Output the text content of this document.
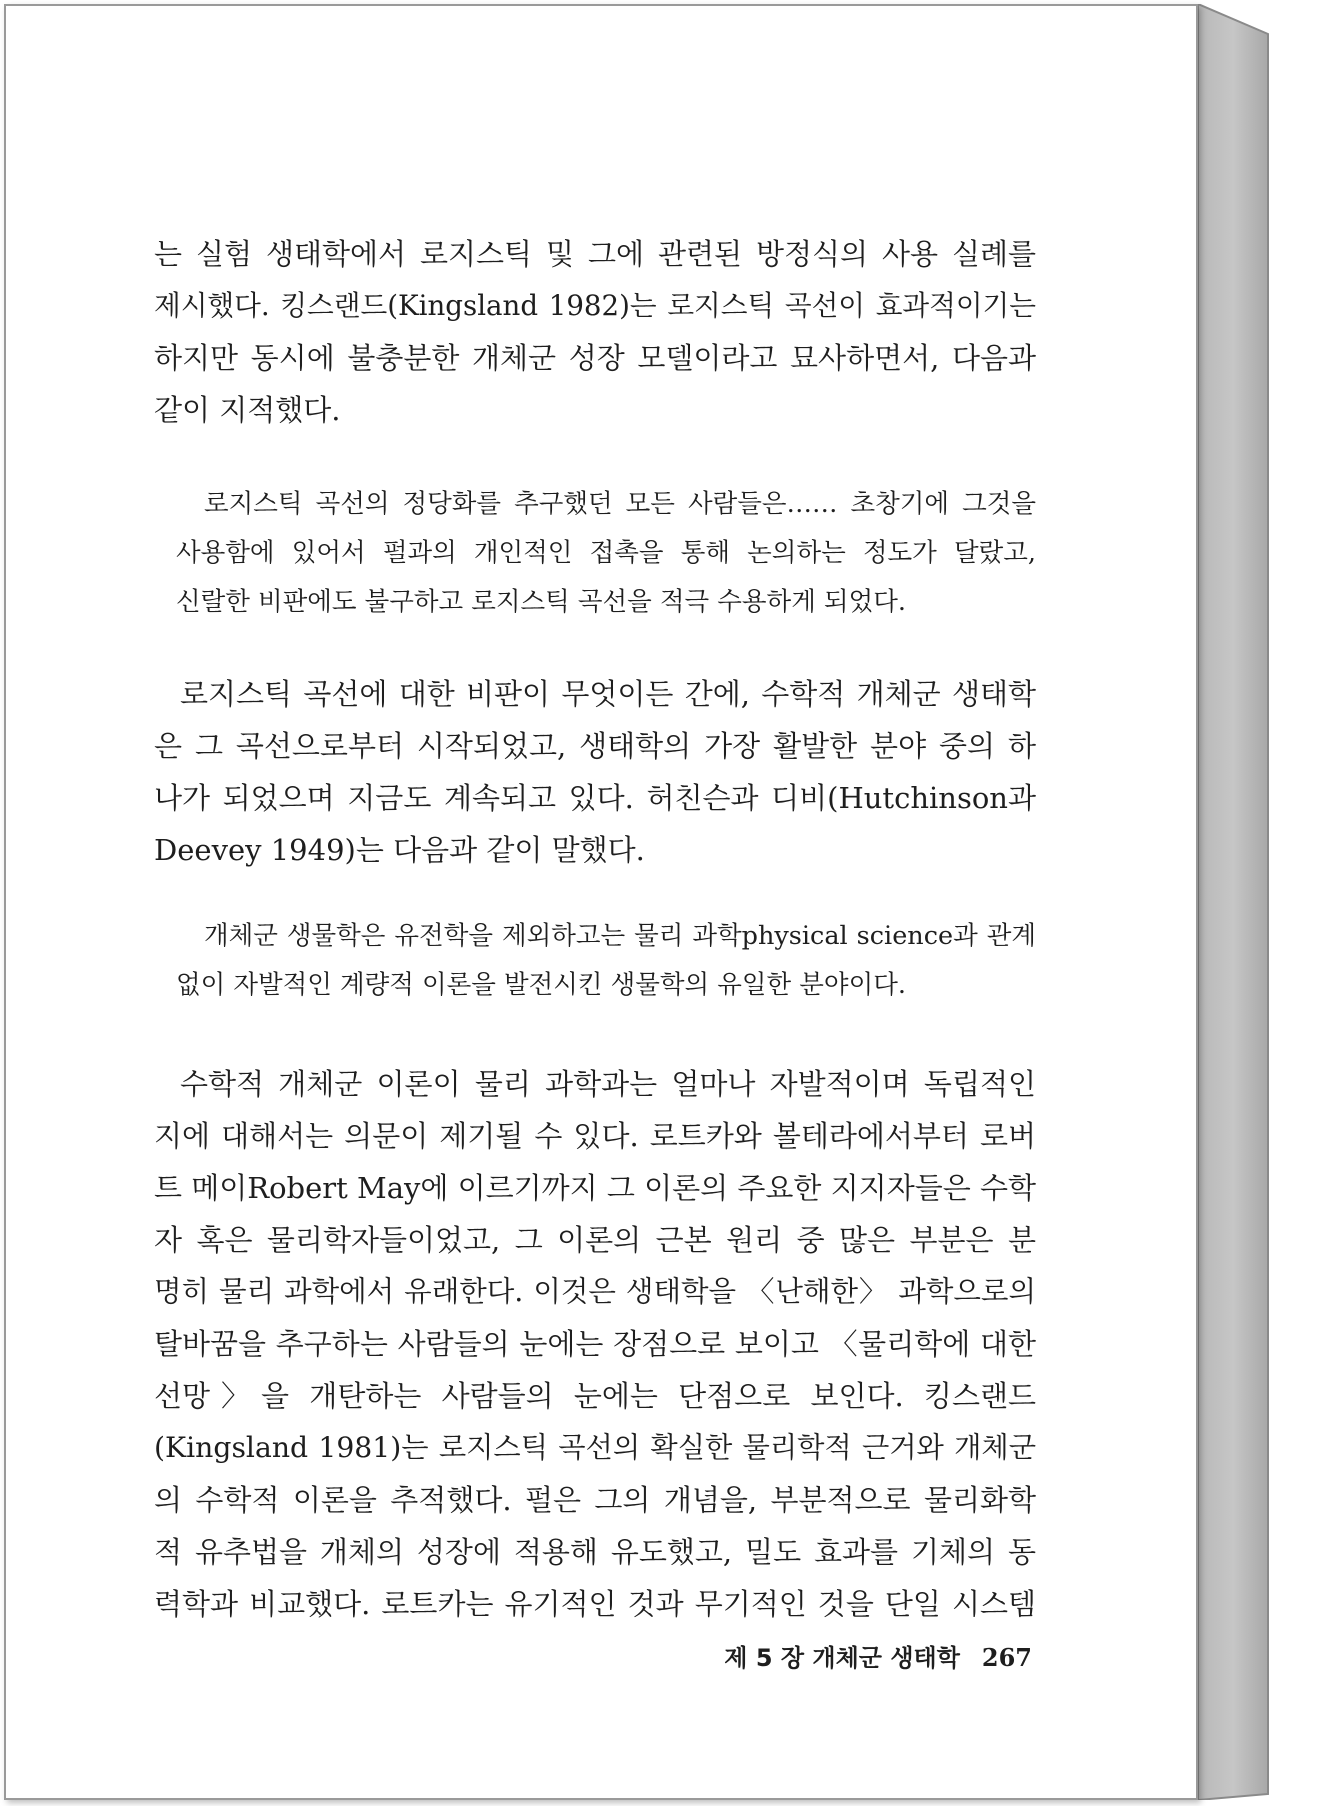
는 실험 생태학에서 로지스틱 및 그에 관련된 방정식의 사용 실례를
제시했다. 킹스랜드(Kingsland 1982)는 로지스틱 곡선이 효과적이기는
하지만 동시에 불충분한 개체군 성장 모델이라고 묘사하면서, 다음과
같이 지적했다.

로지스틱 곡선의 정당화를 추구했던 모든 사람들은…… 초창기에 그것을
사용함에 있어서 펄과의 개인적인 접촉을 통해 논의하는 정도가 달랐고,
신랄한 비판에도 불구하고 로지스틱 곡선을 적극 수용하게 되었다.

로지스틱 곡선에 대한 비판이 무엇이든 간에, 수학적 개체군 생태학
은 그 곡선으로부터 시작되었고, 생태학의 가장 활발한 분야 중의 하
나가 되었으며 지금도 계속되고 있다. 허친슨과 디비(Hutchinson과
Deevey 1949)는 다음과 같이 말했다.

개체군 생물학은 유전학을 제외하고는 물리 과학physical science과 관계
없이 자발적인 계량적 이론을 발전시킨 생물학의 유일한 분야이다.

수학적 개체군 이론이 물리 과학과는 얼마나 자발적이며 독립적인
지에 대해서는 의문이 제기될 수 있다. 로트카와 볼테라에서부터 로버
트 메이Robert May에 이르기까지 그 이론의 주요한 지지자들은 수학
자 혹은 물리학자들이었고, 그 이론의 근본 원리 중 많은 부분은 분
명히 물리 과학에서 유래한다. 이것은 생태학을 〈난해한〉 과학으로의
탈바꿈을 추구하는 사람들의 눈에는 장점으로 보이고 〈물리학에 대한
선망〉을 개탄하는 사람들의 눈에는 단점으로 보인다. 킹스랜드
(Kingsland 1981)는 로지스틱 곡선의 확실한 물리학적 근거와 개체군
의 수학적 이론을 추적했다. 펄은 그의 개념을, 부분적으로 물리화학
적 유추법을 개체의 성장에 적용해 유도했고, 밀도 효과를 기체의 동
력학과 비교했다. 로트카는 유기적인 것과 무기적인 것을 단일 시스템

제 5 장 개체군 생태학 267
